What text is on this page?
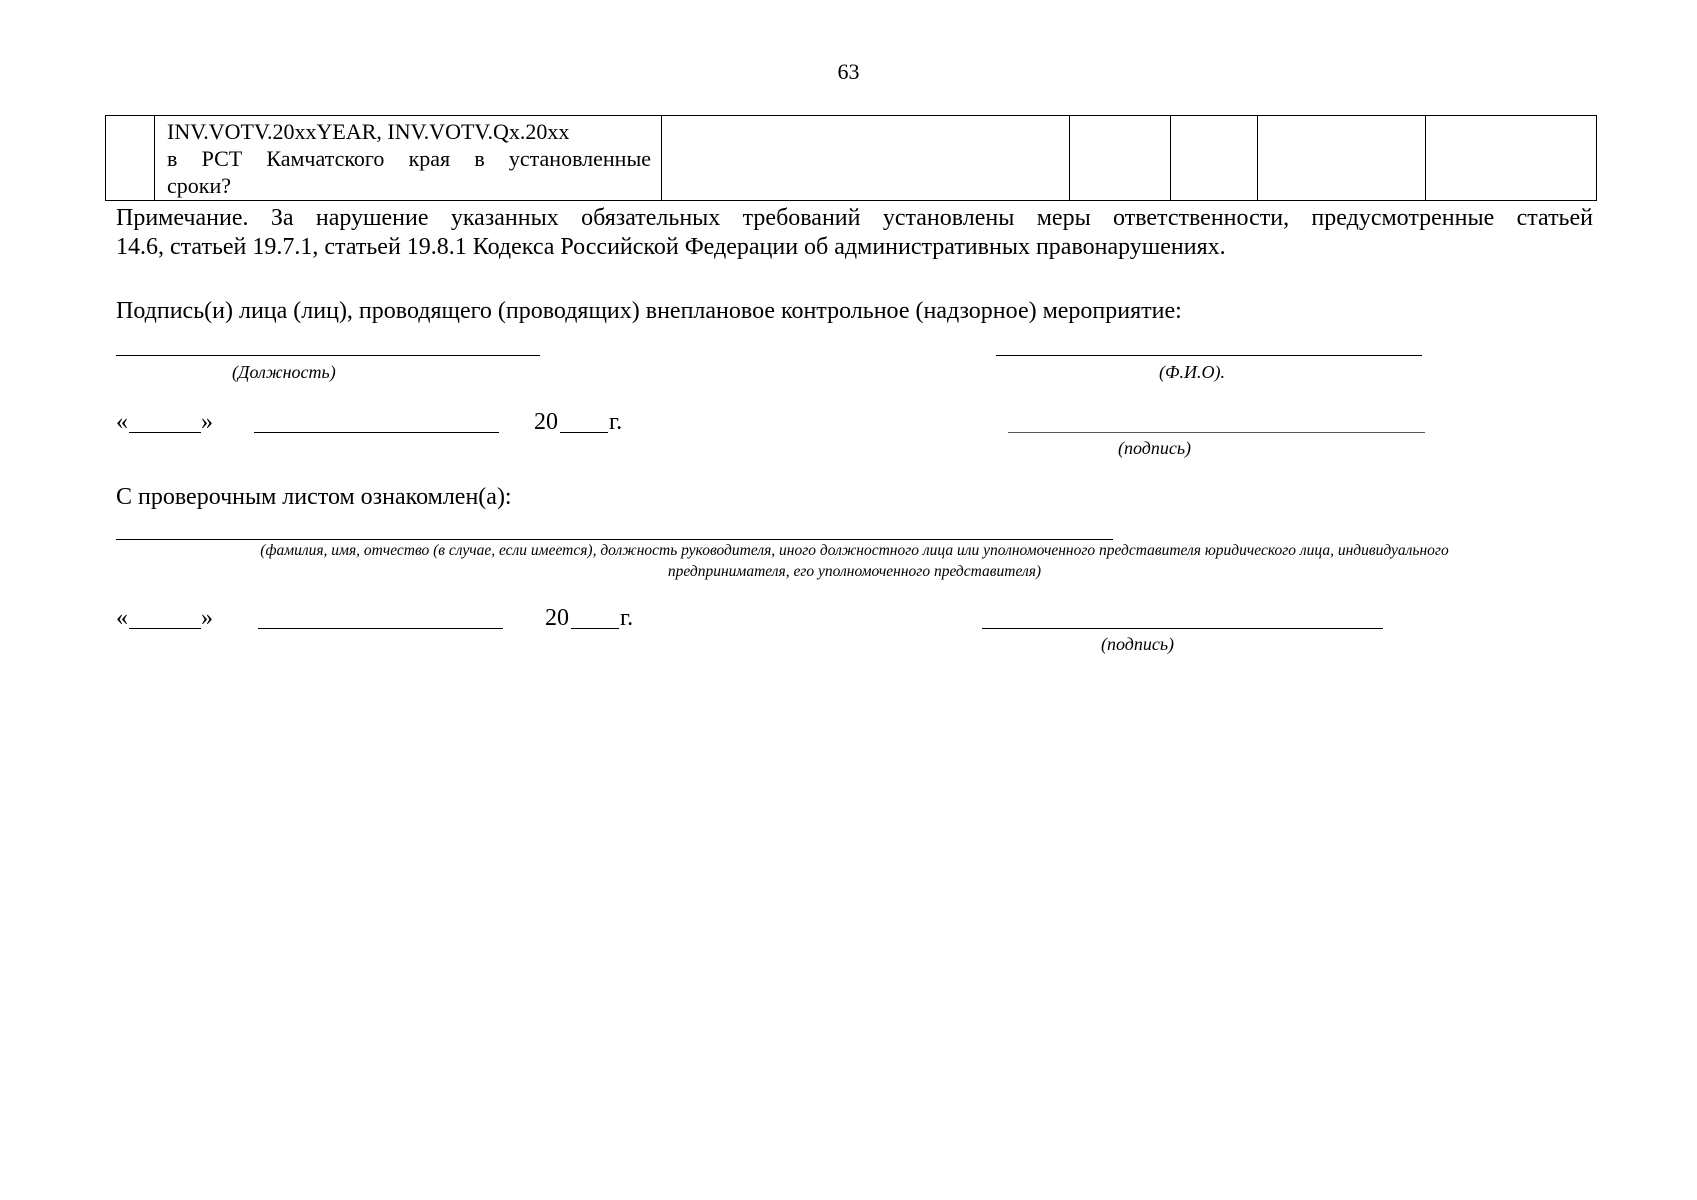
63

INV.VOTV.20xxYEAR, INV.VOTV.Qx.20xx
в РСТ Камчатского края в установленные
сроки?

Примечание. За нарушение указанных обязательных требований установлены меры ответственности, предусмотренные статьей
14.6, статьей 19.7.1, статьей 19.8.1 Кодекса Российской Федерации об административных правонарушениях.
Подпись(и) лица (лиц), проводящего (проводящих) внеплановое контрольное (надзорное) мероприятие:
(Должность)	(Ф.И.О).
«	»	20 г.
(подпись)
С проверочным листом ознакомлен(а):
(фамилия, имя, отчество (в случае, если имеется), должность руководителя, иного должностного лица или уполномоченного представителя юридического лица, индивидуального
предпринимателя, его уполномоченного представителя)
«	»	20 г.
(подпись)
